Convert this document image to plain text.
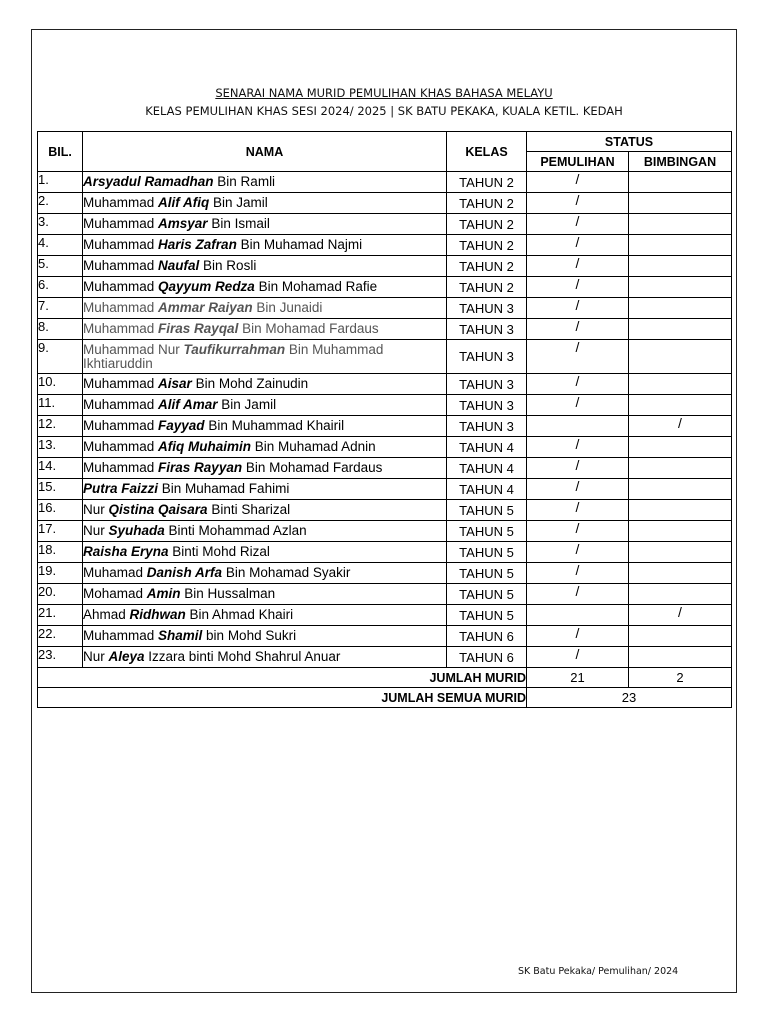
SENARAI NAMA MURID PEMULIHAN KHAS BAHASA MELAYU
KELAS PEMULIHAN KHAS SESI 2024/ 2025 | SK BATU PEKAKA, KUALA KETIL. KEDAH
BIL.	NAMA	KELAS	STATUS	
			PEMULIHAN	BIMBINGAN
1.	Arsyadul Ramadhan Bin Ramli	TAHUN 2	/	
2.	Muhammad Alif Afiq Bin Jamil	TAHUN 2	/	
3.	Muhammad Amsyar Bin Ismail	TAHUN 2	/	
4.	Muhammad Haris Zafran Bin Muhamad Najmi	TAHUN 2	/	
5.	Muhammad Naufal Bin Rosli	TAHUN 2	/	
6.	Muhammad Qayyum Redza Bin Mohamad Rafie	TAHUN 2	/	
7.	Muhammad Ammar Raiyan Bin Junaidi	TAHUN 3	/	
8.	Muhammad Firas Rayqal Bin Mohamad Fardaus	TAHUN 3	/	
9.	Muhammad Nur Taufikurrahman Bin Muhammad Ikhtiaruddin	TAHUN 3	/	
10.	Muhammad Aisar Bin Mohd Zainudin	TAHUN 3	/	
11.	Muhammad Alif Amar Bin Jamil	TAHUN 3	/	
12.	Muhammad Fayyad Bin Muhammad Khairil	TAHUN 3		/
13.	Muhammad Afiq Muhaimin Bin Muhamad Adnin	TAHUN 4	/	
14.	Muhammad Firas Rayyan Bin Mohamad Fardaus	TAHUN 4	/	
15.	Putra Faizzi Bin Muhamad Fahimi	TAHUN 4	/	
16.	Nur Qistina Qaisara Binti Sharizal	TAHUN 5	/	
17.	Nur Syuhada Binti Mohammad Azlan	TAHUN 5	/	
18.	Raisha Eryna Binti Mohd Rizal	TAHUN 5	/	
19.	Muhamad Danish Arfa Bin Mohamad Syakir	TAHUN 5	/	
20.	Mohamad Amin Bin Hussalman	TAHUN 5	/	
21.	Ahmad Ridhwan Bin Ahmad Khairi	TAHUN 5		/
22.	Muhammad Shamil bin Mohd Sukri	TAHUN 6	/	
23.	Nur Aleya Izzara binti Mohd Shahrul Anuar	TAHUN 6	/	
JUMLAH MURID			21	2
JUMLAH SEMUA MURID			23	
SK Batu Pekaka/ Pemulihan/ 2024
